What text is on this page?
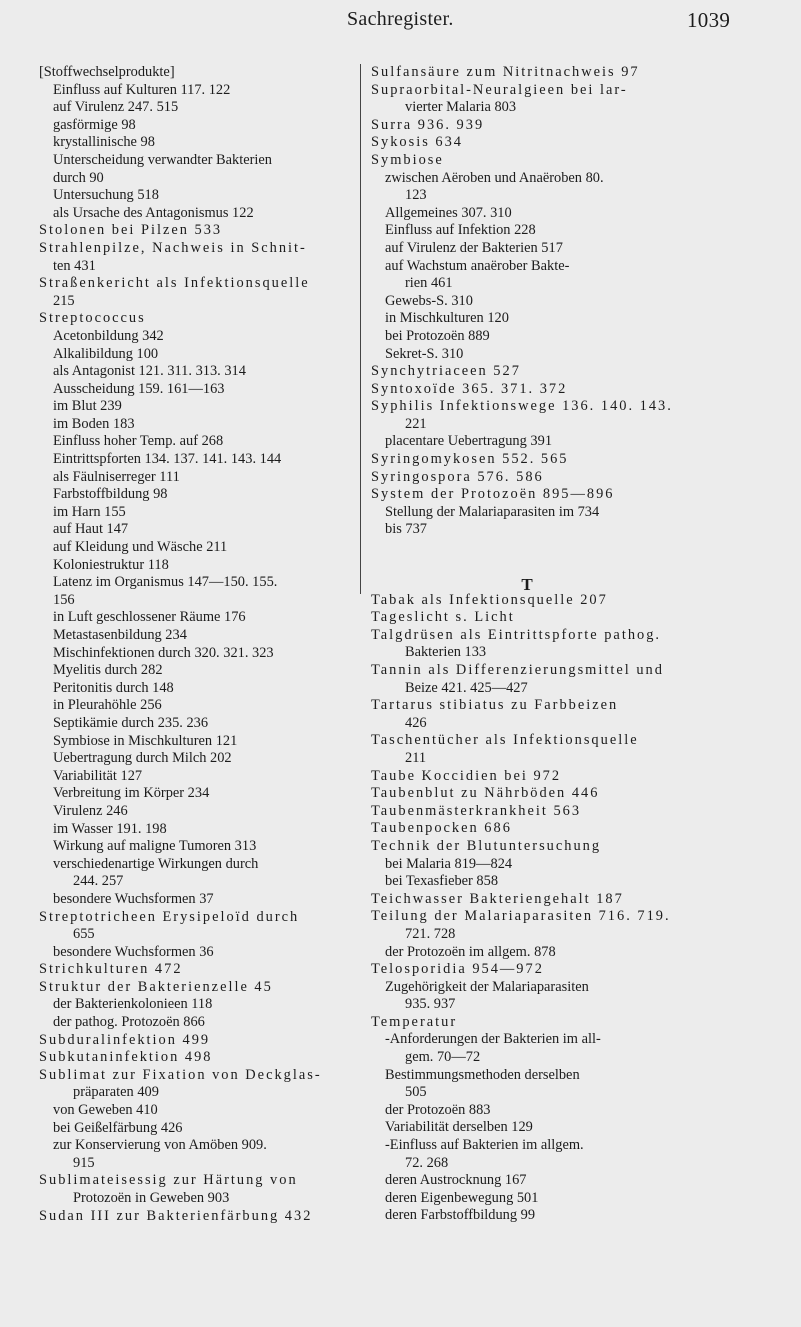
Sachregister.	1039
[Stoffwechselprodukte]
Einfluss auf Kulturen 117. 122
auf Virulenz 247. 515
gasförmige 98
krystallinische 98
Unterscheidung verwandter Bakterien
durch 90
Untersuchung 518
als Ursache des Antagonismus 122
Stolonen bei Pilzen 533
Strahlenpilze, Nachweis in Schnit-
ten 431
Straßenkericht als Infektionsquelle
215
Streptococcus
Acetonbildung 342
Alkalibildung 100
als Antagonist 121. 311. 313. 314
Ausscheidung 159. 161—163
im Blut 239
im Boden 183
Einfluss hoher Temp. auf 268
Eintrittspforten 134. 137. 141. 143. 144
als Fäulniserreger 111
Farbstoffbildung 98
im Harn 155
auf Haut 147
auf Kleidung und Wäsche 211
Koloniestruktur 118
Latenz im Organismus 147—150. 155.
156
in Luft geschlossener Räume 176
Metastasenbildung 234
Mischinfektionen durch 320. 321. 323
Myelitis durch 282
Peritonitis durch 148
in Pleurahöhle 256
Septikämie durch 235. 236
Symbiose in Mischkulturen 121
Uebertragung durch Milch 202
Variabilität 127
Verbreitung im Körper 234
Virulenz 246
im Wasser 191. 198
Wirkung auf maligne Tumoren 313
verschiedenartige Wirkungen durch
244. 257
besondere Wuchsformen 37
Streptotricheen Erysipeloïd durch
655
besondere Wuchsformen 36
Strichkulturen 472
Struktur der Bakterienzelle 45
der Bakterienkolonieen 118
der pathog. Protozoën 866
Subduralinfektion 499
Subkutaninfektion 498
Sublimat zur Fixation von Deckglas-
präparaten 409
von Geweben 410
bei Geißelfärbung 426
zur Konservierung von Amöben 909.
915
Sublimateisessig zur Härtung von
Protozoën in Geweben 903
Sudan III zur Bakterienfärbung 432
Sulfansäure zum Nitritnachweis 97
Supraorbital-Neuralgieen bei lar-
vierter Malaria 803
Surra 936. 939
Sykosis 634
Symbiose
zwischen Aëroben und Anaëroben 80.
123
Allgemeines 307. 310
Einfluss auf Infektion 228
auf Virulenz der Bakterien 517
auf Wachstum anaërober Bakte-
rien 461
Gewebs-S. 310
in Mischkulturen 120
bei Protozoën 889
Sekret-S. 310
Synchytriaceen 527
Syntoxoïde 365. 371. 372
Syphilis Infektionswege 136. 140. 143.
221
placentare Uebertragung 391
Syringomykosen 552. 565
Syringospora 576. 586
System der Protozoën 895—896
Stellung der Malariaparasiten im 734
bis 737
T
Tabak als Infektionsquelle 207
Tageslicht s. Licht
Talgdrüsen als Eintrittspforte pathog.
Bakterien 133
Tannin als Differenzierungsmittel und
Beize 421. 425—427
Tartarus stibiatus zu Farbbeizen
426
Taschentücher als Infektionsquelle
211
Taube Koccidien bei 972
Taubenblut zu Nährböden 446
Taubenmästerkrankheit 563
Taubenpocken 686
Technik der Blutuntersuchung
bei Malaria 819—824
bei Texasfieber 858
Teichwasser Bakteriengehalt 187
Teilung der Malariaparasiten 716. 719.
721. 728
der Protozoën im allgem. 878
Telosporidia 954—972
Zugehörigkeit der Malariaparasiten
935. 937
Temperatur
-Anforderungen der Bakterien im all-
gem. 70—72
Bestimmungsmethoden derselben
505
der Protozoën 883
Variabilität derselben 129
-Einfluss auf Bakterien im allgem.
72. 268
deren Austrocknung 167
deren Eigenbewegung 501
deren Farbstoffbildung 99
